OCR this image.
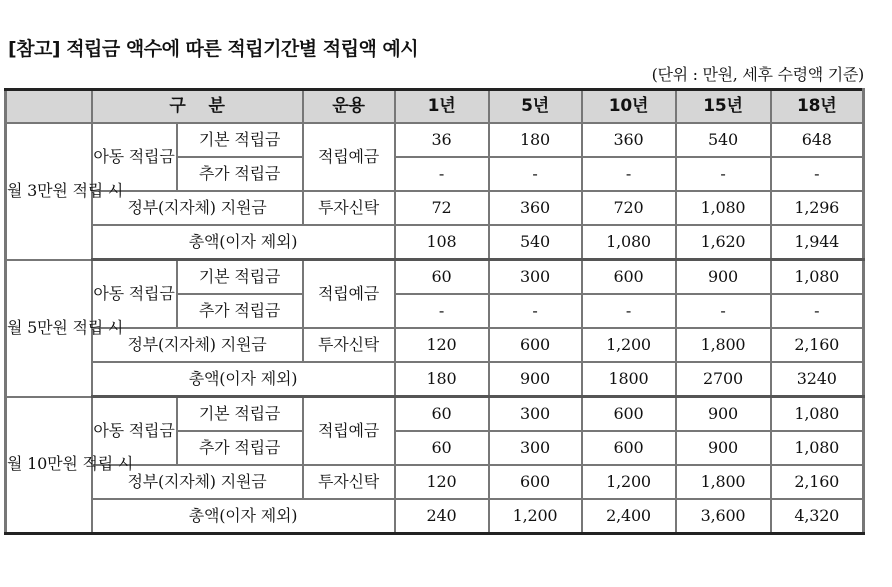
[참고] 적립금 액수에 따른 적립기간별 적립액 예시
(단위 : 만원, 세후 수령액 기준)
	구    분		운용	1년	5년	10년	15년	18년
월 3만원 적립 시	아동 적립금	기본 적립금	적립예금	36	180	360	540	648
		추가 적립금		-	-	-	-	-
	정부(지자체) 지원금		투자신탁	72	360	720	1,080	1,296
	총액(이자 제외)			108	540	1,080	1,620	1,944
월 5만원 적립 시	아동 적립금	기본 적립금	적립예금	60	300	600	900	1,080
		추가 적립금		-	-	-	-	-
	정부(지자체) 지원금		투자신탁	120	600	1,200	1,800	2,160
	총액(이자 제외)			180	900	1800	2700	3240
월 10만원 적립 시	아동 적립금	기본 적립금	적립예금	60	300	600	900	1,080
		추가 적립금		60	300	600	900	1,080
	정부(지자체) 지원금		투자신탁	120	600	1,200	1,800	2,160
	총액(이자 제외)			240	1,200	2,400	3,600	4,320
